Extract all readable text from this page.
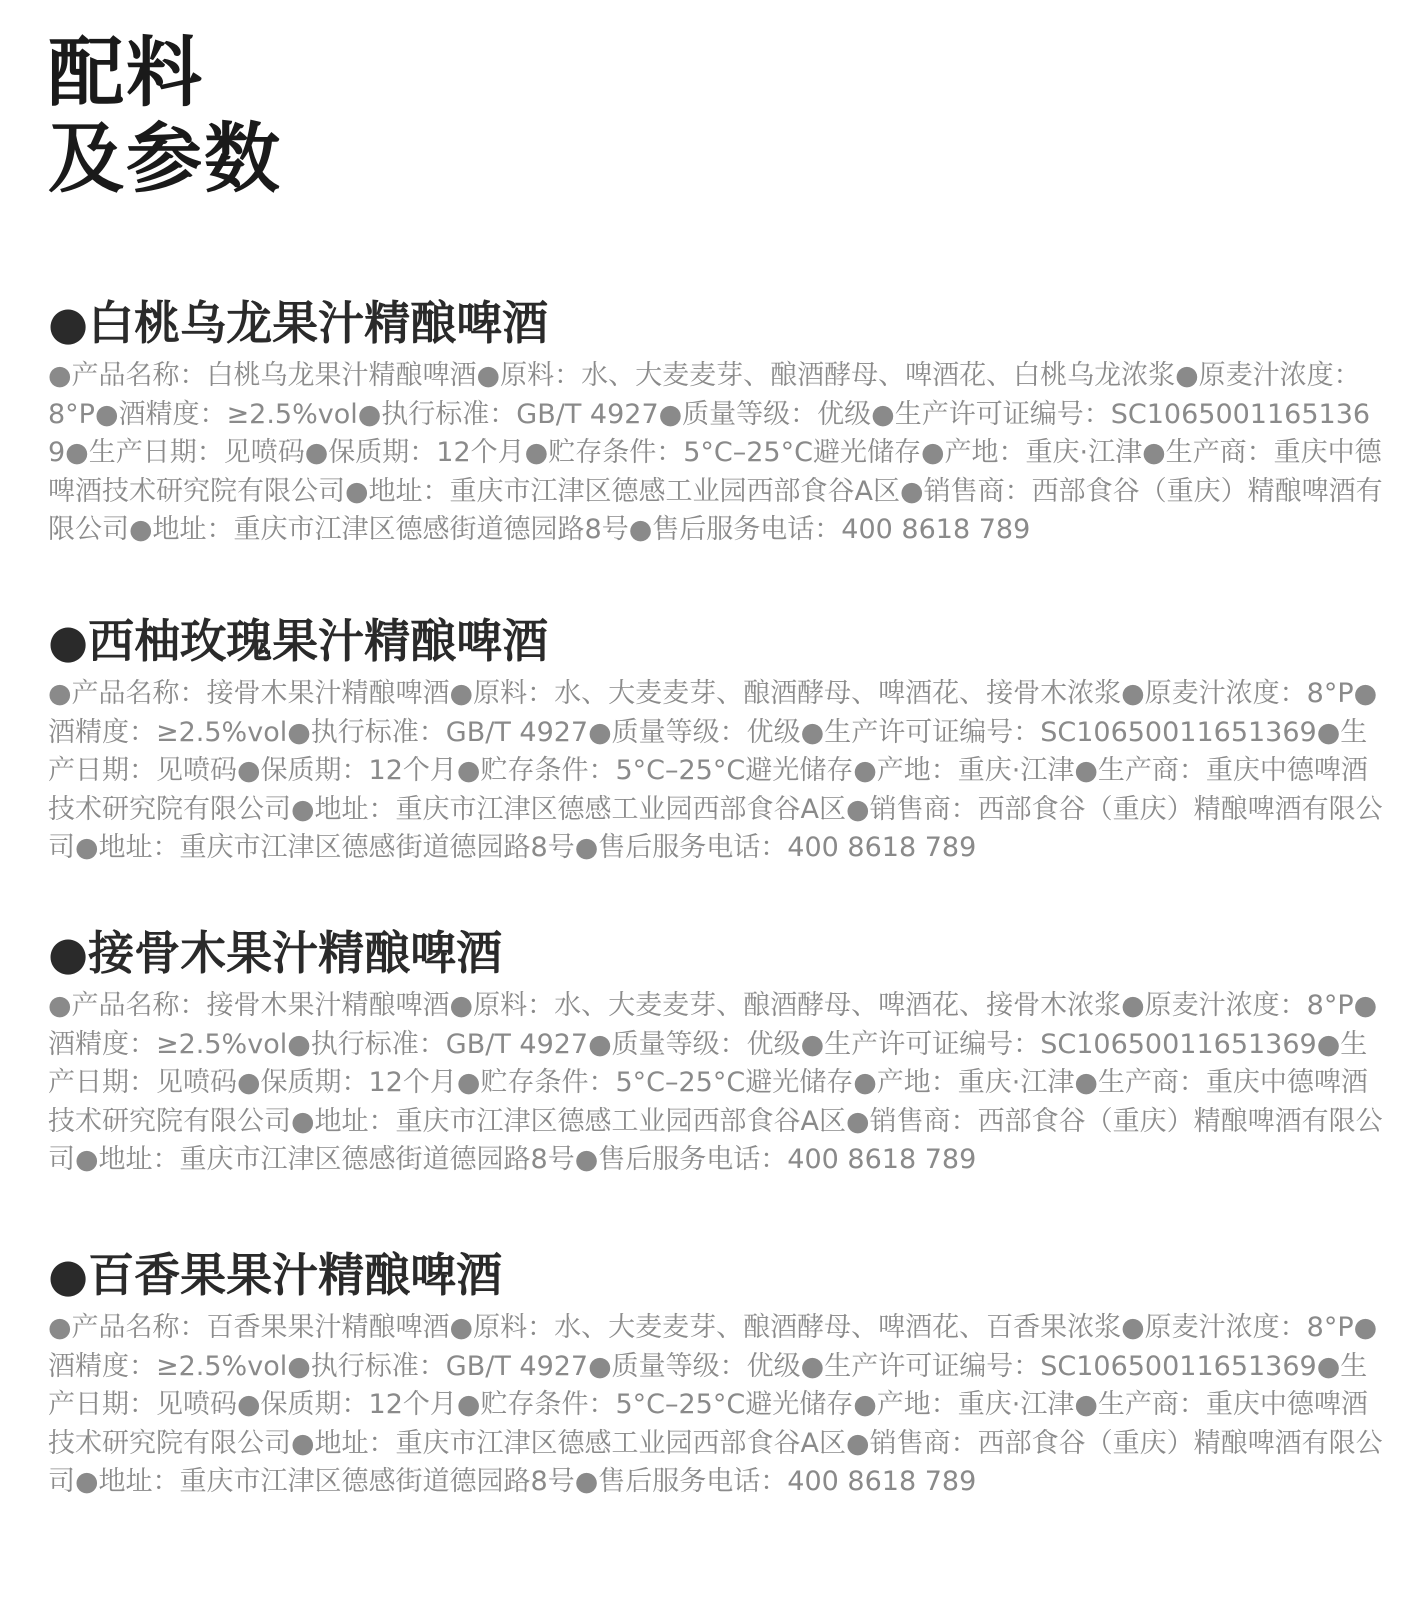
配料
及参数
●白桃乌龙果汁精酿啤酒

●产品名称：白桃乌龙果汁精酿啤酒●原料：水、大麦麦芽、酿酒酵母、啤酒花、白桃乌龙浓浆●原麦汁浓度：8°P●酒精度：≥2.5%vol●执行标准：GB/T 4927●质量等级：优级●生产许可证编号：SC10650011651369●生产日期：见喷码●保质期：12个月●贮存条件：5°C–25°C避光储存●产地：重庆·江津●生产商：重庆中德啤酒技术研究院有限公司●地址：重庆市江津区德感工业园西部食谷A区●销售商：西部食谷（重庆）精酿啤酒有限公司●地址：重庆市江津区德感街道德园路8号●售后服务电话：400 8618 789

●西柚玫瑰果汁精酿啤酒

●产品名称：接骨木果汁精酿啤酒●原料：水、大麦麦芽、酿酒酵母、啤酒花、接骨木浓浆●原麦汁浓度：8°P●酒精度：≥2.5%vol●执行标准：GB/T 4927●质量等级：优级●生产许可证编号：SC10650011651369●生产日期：见喷码●保质期：12个月●贮存条件：5°C–25°C避光储存●产地：重庆·江津●生产商：重庆中德啤酒技术研究院有限公司●地址：重庆市江津区德感工业园西部食谷A区●销售商：西部食谷（重庆）精酿啤酒有限公司●地址：重庆市江津区德感街道德园路8号●售后服务电话：400 8618 789

●接骨木果汁精酿啤酒

●产品名称：接骨木果汁精酿啤酒●原料：水、大麦麦芽、酿酒酵母、啤酒花、接骨木浓浆●原麦汁浓度：8°P●酒精度：≥2.5%vol●执行标准：GB/T 4927●质量等级：优级●生产许可证编号：SC10650011651369●生产日期：见喷码●保质期：12个月●贮存条件：5°C–25°C避光储存●产地：重庆·江津●生产商：重庆中德啤酒技术研究院有限公司●地址：重庆市江津区德感工业园西部食谷A区●销售商：西部食谷（重庆）精酿啤酒有限公司●地址：重庆市江津区德感街道德园路8号●售后服务电话：400 8618 789

●百香果果汁精酿啤酒

●产品名称：百香果果汁精酿啤酒●原料：水、大麦麦芽、酿酒酵母、啤酒花、百香果浓浆●原麦汁浓度：8°P●酒精度：≥2.5%vol●执行标准：GB/T 4927●质量等级：优级●生产许可证编号：SC10650011651369●生产日期：见喷码●保质期：12个月●贮存条件：5°C–25°C避光储存●产地：重庆·江津●生产商：重庆中德啤酒技术研究院有限公司●地址：重庆市江津区德感工业园西部食谷A区●销售商：西部食谷（重庆）精酿啤酒有限公司●地址：重庆市江津区德感街道德园路8号●售后服务电话：400 8618 789
